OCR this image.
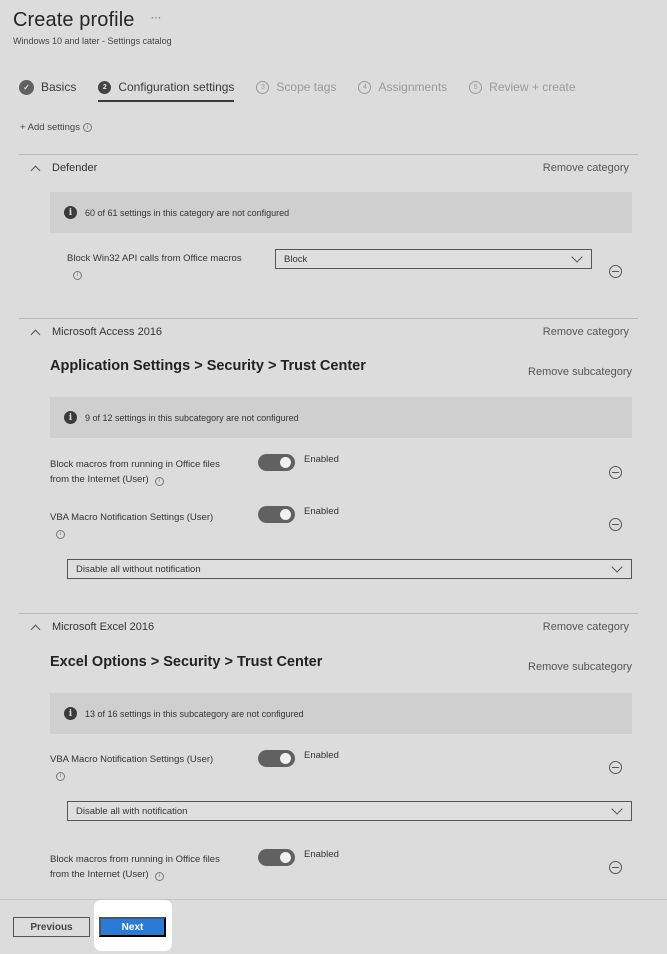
Create profile ···
Windows 10 and later - Settings catalog
✓ Basics	2 Configuration settings	3 Scope tags	4 Assignments	5 Review + create
+ Add settings	i
Defender	Remove category
i	60 of 61 settings in this category are not configured
Block Win32 API calls from Office macros
i
Block
Microsoft Access 2016	Remove category
Application Settings > Security > Trust Center	Remove subcategory
i	9 of 12 settings in this subcategory are not configured
Block macros from running in Office files
from the Internet (User) i
Enabled
VBA Macro Notification Settings (User)
i
Enabled
Disable all without notification
Microsoft Excel 2016	Remove category
Excel Options > Security > Trust Center	Remove subcategory
i	13 of 16 settings in this subcategory are not configured
VBA Macro Notification Settings (User)
i
Enabled
Disable all with notification
Block macros from running in Office files
from the Internet (User) i
Enabled
Previous	Next
